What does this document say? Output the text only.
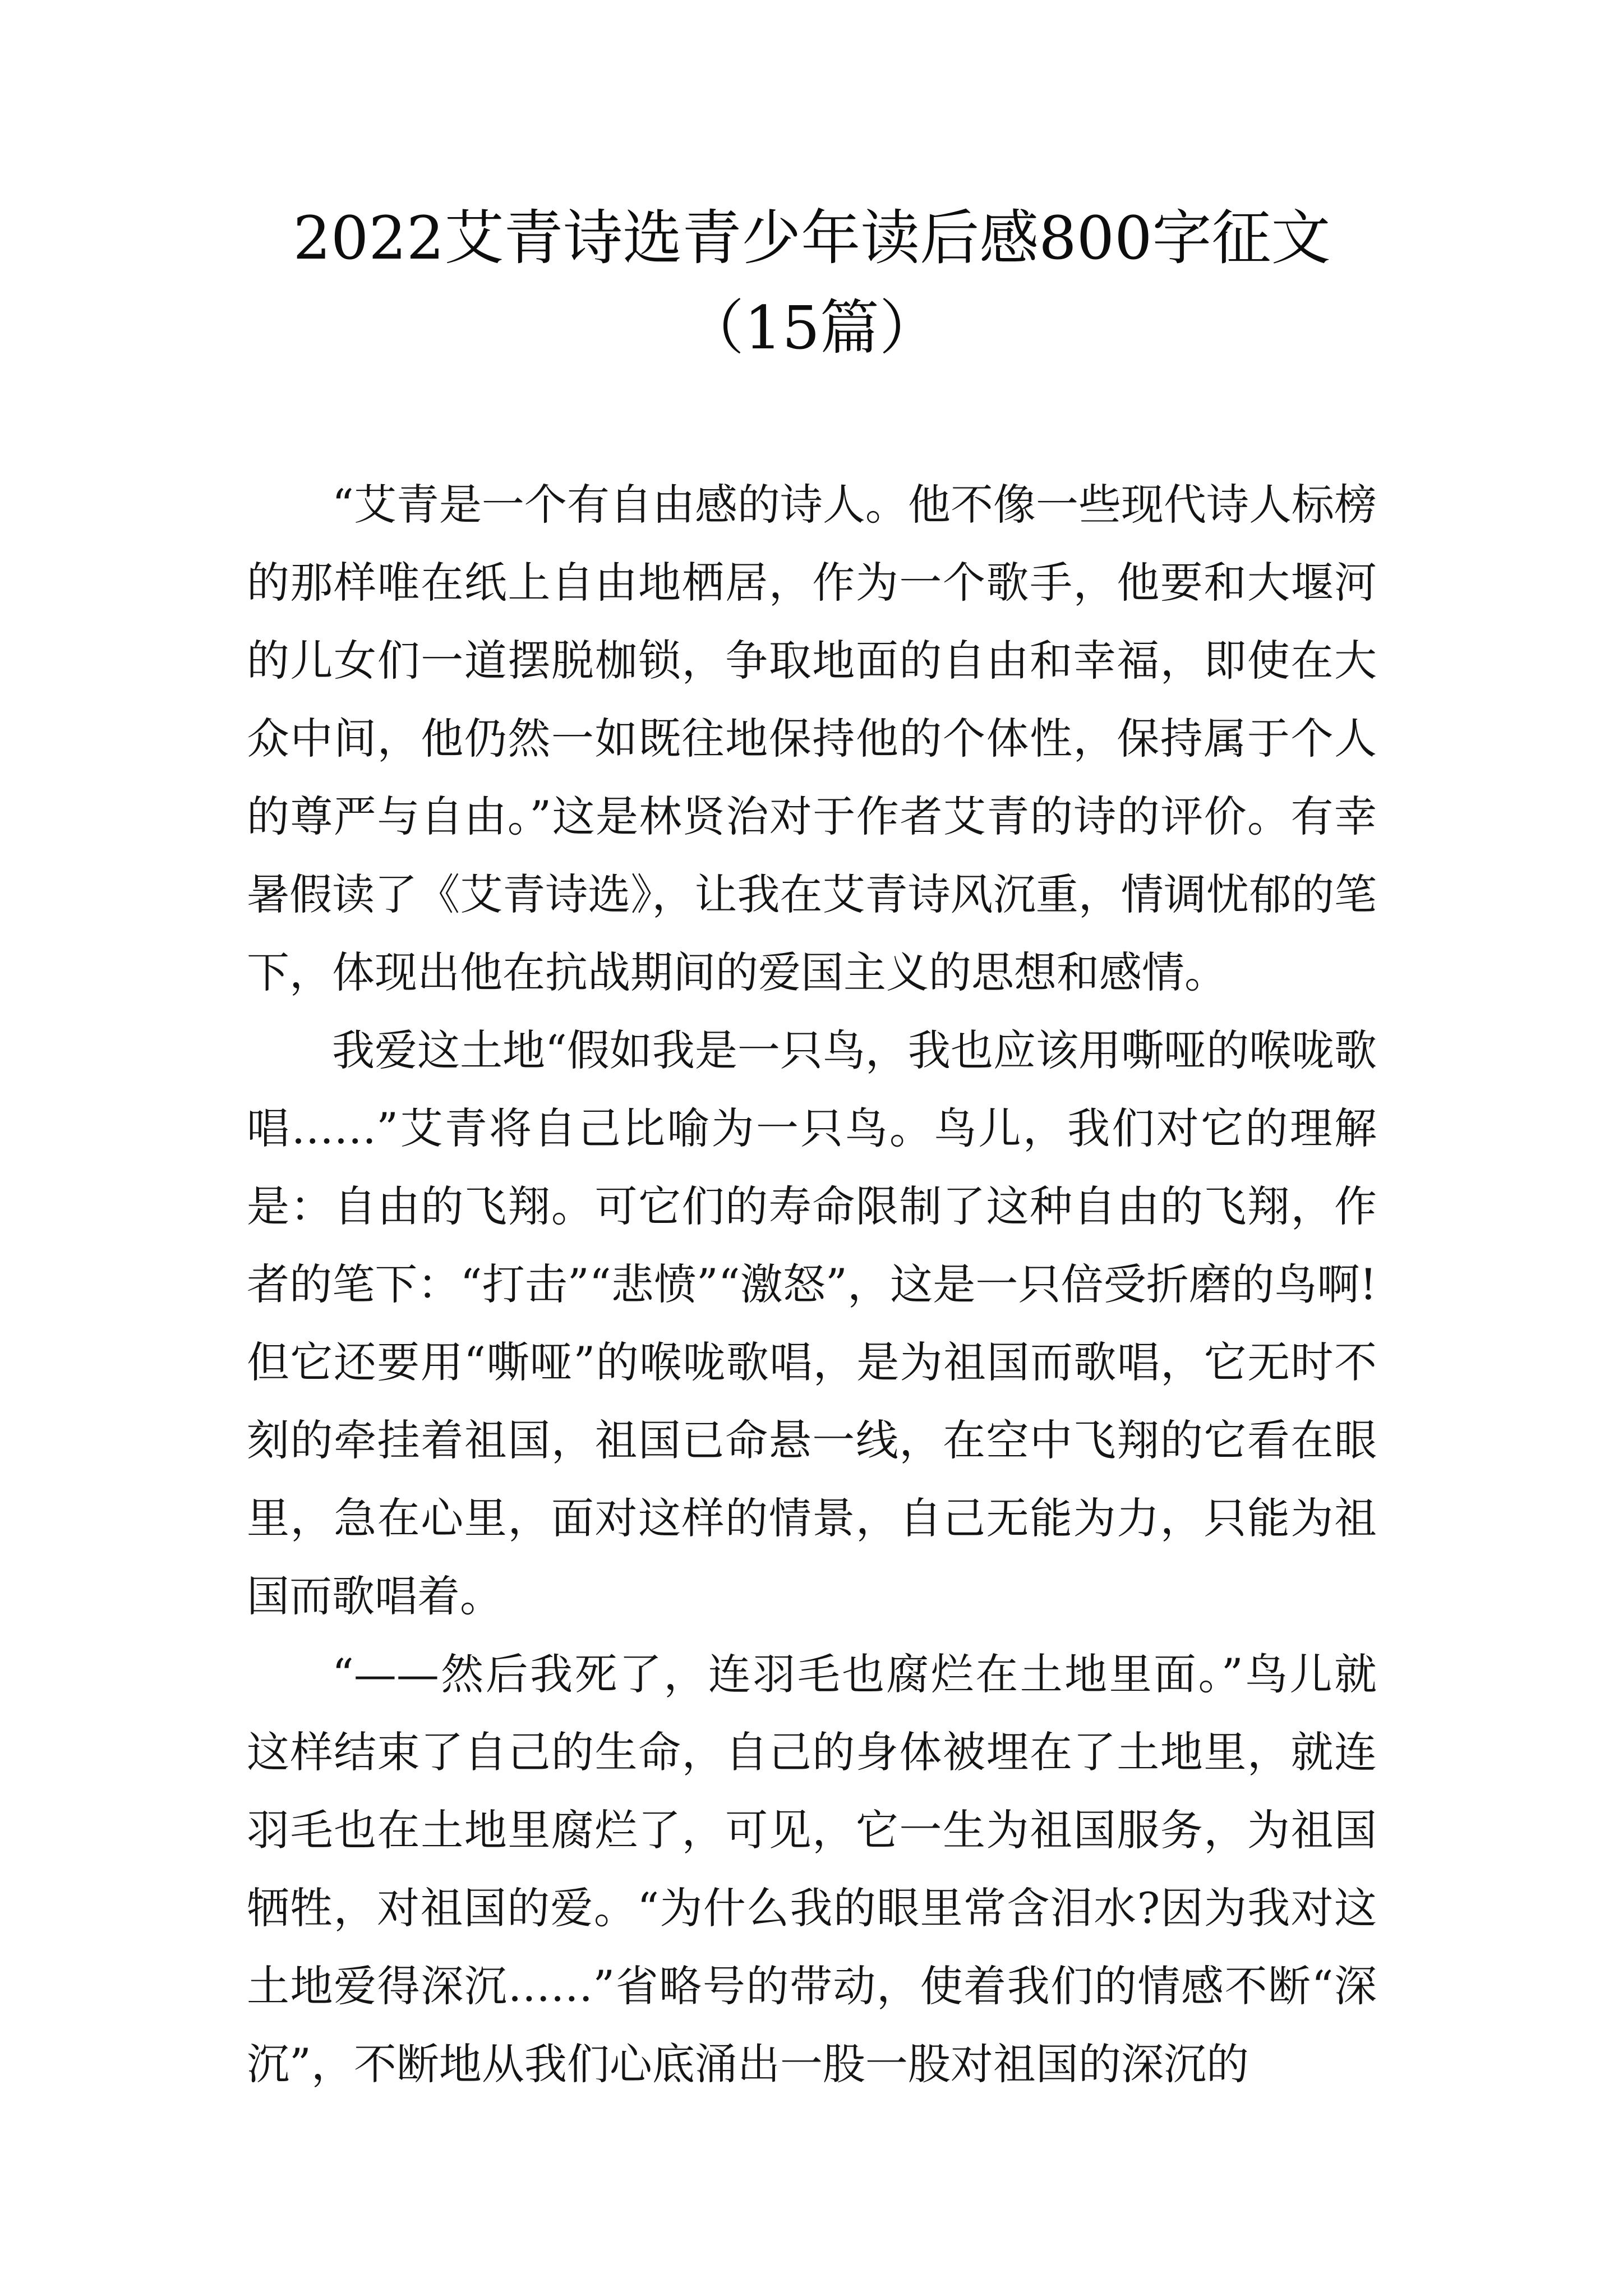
2022艾青诗选青少年读后感800字征文（15篇）

“艾青是一个有自由感的诗人。他不像一些现代诗人标榜的那样唯在纸上自由地栖居，作为一个歌手，他要和大堰河的儿女们一道摆脱枷锁，争取地面的自由和幸福，即使在大众中间，他仍然一如既往地保持他的个体性，保持属于个人的尊严与自由。”这是林贤治对于作者艾青的诗的评价。有幸暑假读了《艾青诗选》，让我在艾青诗风沉重，情调忧郁的笔下，体现出他在抗战期间的爱国主义的思想和感情。

我爱这土地“假如我是一只鸟，我也应该用嘶哑的喉咙歌唱……”艾青将自己比喻为一只鸟。鸟儿，我们对它的理解是：自由的飞翔。可它们的寿命限制了这种自由的飞翔，作者的笔下：“打击”“悲愤”“激怒”，这是一只倍受折磨的鸟啊!但它还要用“嘶哑”的喉咙歌唱，是为祖国而歌唱，它无时不刻的牵挂着祖国，祖国已命悬一线，在空中飞翔的它看在眼里，急在心里，面对这样的情景，自己无能为力，只能为祖国而歌唱着。

“——然后我死了，连羽毛也腐烂在土地里面。”鸟儿就这样结束了自己的生命，自己的身体被埋在了土地里，就连羽毛也在土地里腐烂了，可见，它一生为祖国服务，为祖国牺牲，对祖国的爱。“为什么我的眼里常含泪水?因为我对这土地爱得深沉……”省略号的带动，使着我们的情感不断“深沉”，不断地从我们心底涌出一股一股对祖国的深沉的
